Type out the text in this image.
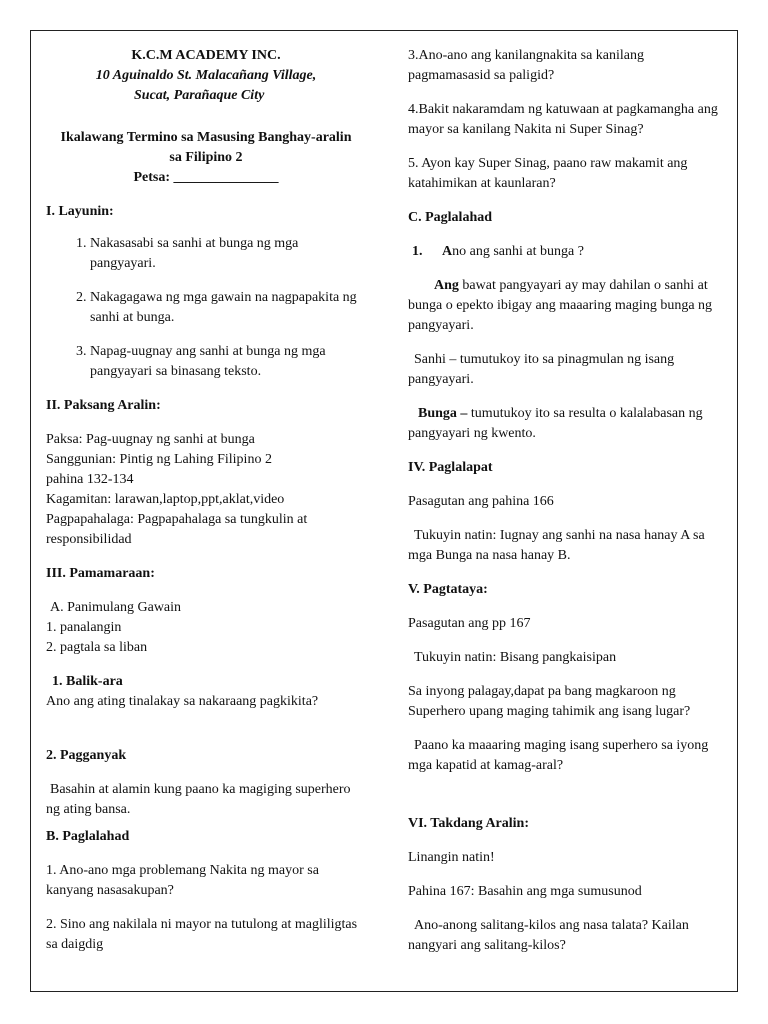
K.C.M ACADEMY INC.

10 Aguinaldo St. Malacañang Village,

Sucat, Parañaque City

Ikalawang Termino sa Masusing Banghay-aralin

sa Filipino 2

Petsa: _______________

I. Layunin:

1. Nakasasabi sa sanhi at bunga ng mga pangyayari.
2. Nakagagawa ng mga gawain na nagpapakita ng sanhi at bunga.
3. Napag-uugnay ang sanhi at bunga ng mga pangyayari sa binasang teksto.

II. Paksang Aralin:

Paksa: Pag-uugnay ng sanhi at bunga

Sanggunian: Pintig ng Lahing Filipino 2

pahina 132-134

Kagamitan: larawan,laptop,ppt,aklat,video

Pagpapahalaga: Pagpapahalaga sa tungkulin at responsibilidad

III. Pamamaraan:

A. Panimulang Gawain

1. panalangin

2. pagtala sa liban

1. Balik-ara

Ano ang ating tinalakay sa nakaraang pagkikita?

2. Pagganyak

Basahin at alamin kung paano ka magiging superhero ng ating bansa.

B. Paglalahad

1. Ano-ano mga problemang Nakita ng mayor sa kanyang nasasakupan?

2. Sino ang nakilala ni mayor na tutulong at magliligtas sa daigdig

3.Ano-ano ang kanilangnakita sa kanilang pagmamasasid sa paligid?

4.Bakit nakaramdam ng katuwaan at pagkamangha ang mayor sa kanilang Nakita ni Super Sinag?

5. Ayon kay Super Sinag, paano raw makamit ang katahimikan at kaunlaran?

C. Paglalahad

1.	Ano ang sanhi at bunga ?

Ang bawat pangyayari ay may dahilan o sanhi at bunga o epekto ibigay ang maaaring maging bunga ng pangyayari.

Sanhi – tumutukoy ito sa pinagmulan ng isang pangyayari.

Bunga – tumutukoy ito sa resulta o kalalabasan ng pangyayari ng kwento.

IV. Paglalapat

Pasagutan ang pahina 166

Tukuyin natin: Iugnay ang sanhi na nasa hanay A sa mga Bunga na nasa hanay B.

V. Pagtataya:

Pasagutan ang pp 167

Tukuyin natin: Bisang pangkaisipan

Sa inyong palagay,dapat pa bang magkaroon ng Superhero upang maging tahimik ang isang lugar?

Paano ka maaaring maging isang superhero sa iyong mga kapatid at kamag-aral?

VI. Takdang Aralin:

Linangin natin!

Pahina 167: Basahin ang mga sumusunod

Ano-anong salitang-kilos ang nasa talata? Kailan nangyari ang salitang-kilos?
